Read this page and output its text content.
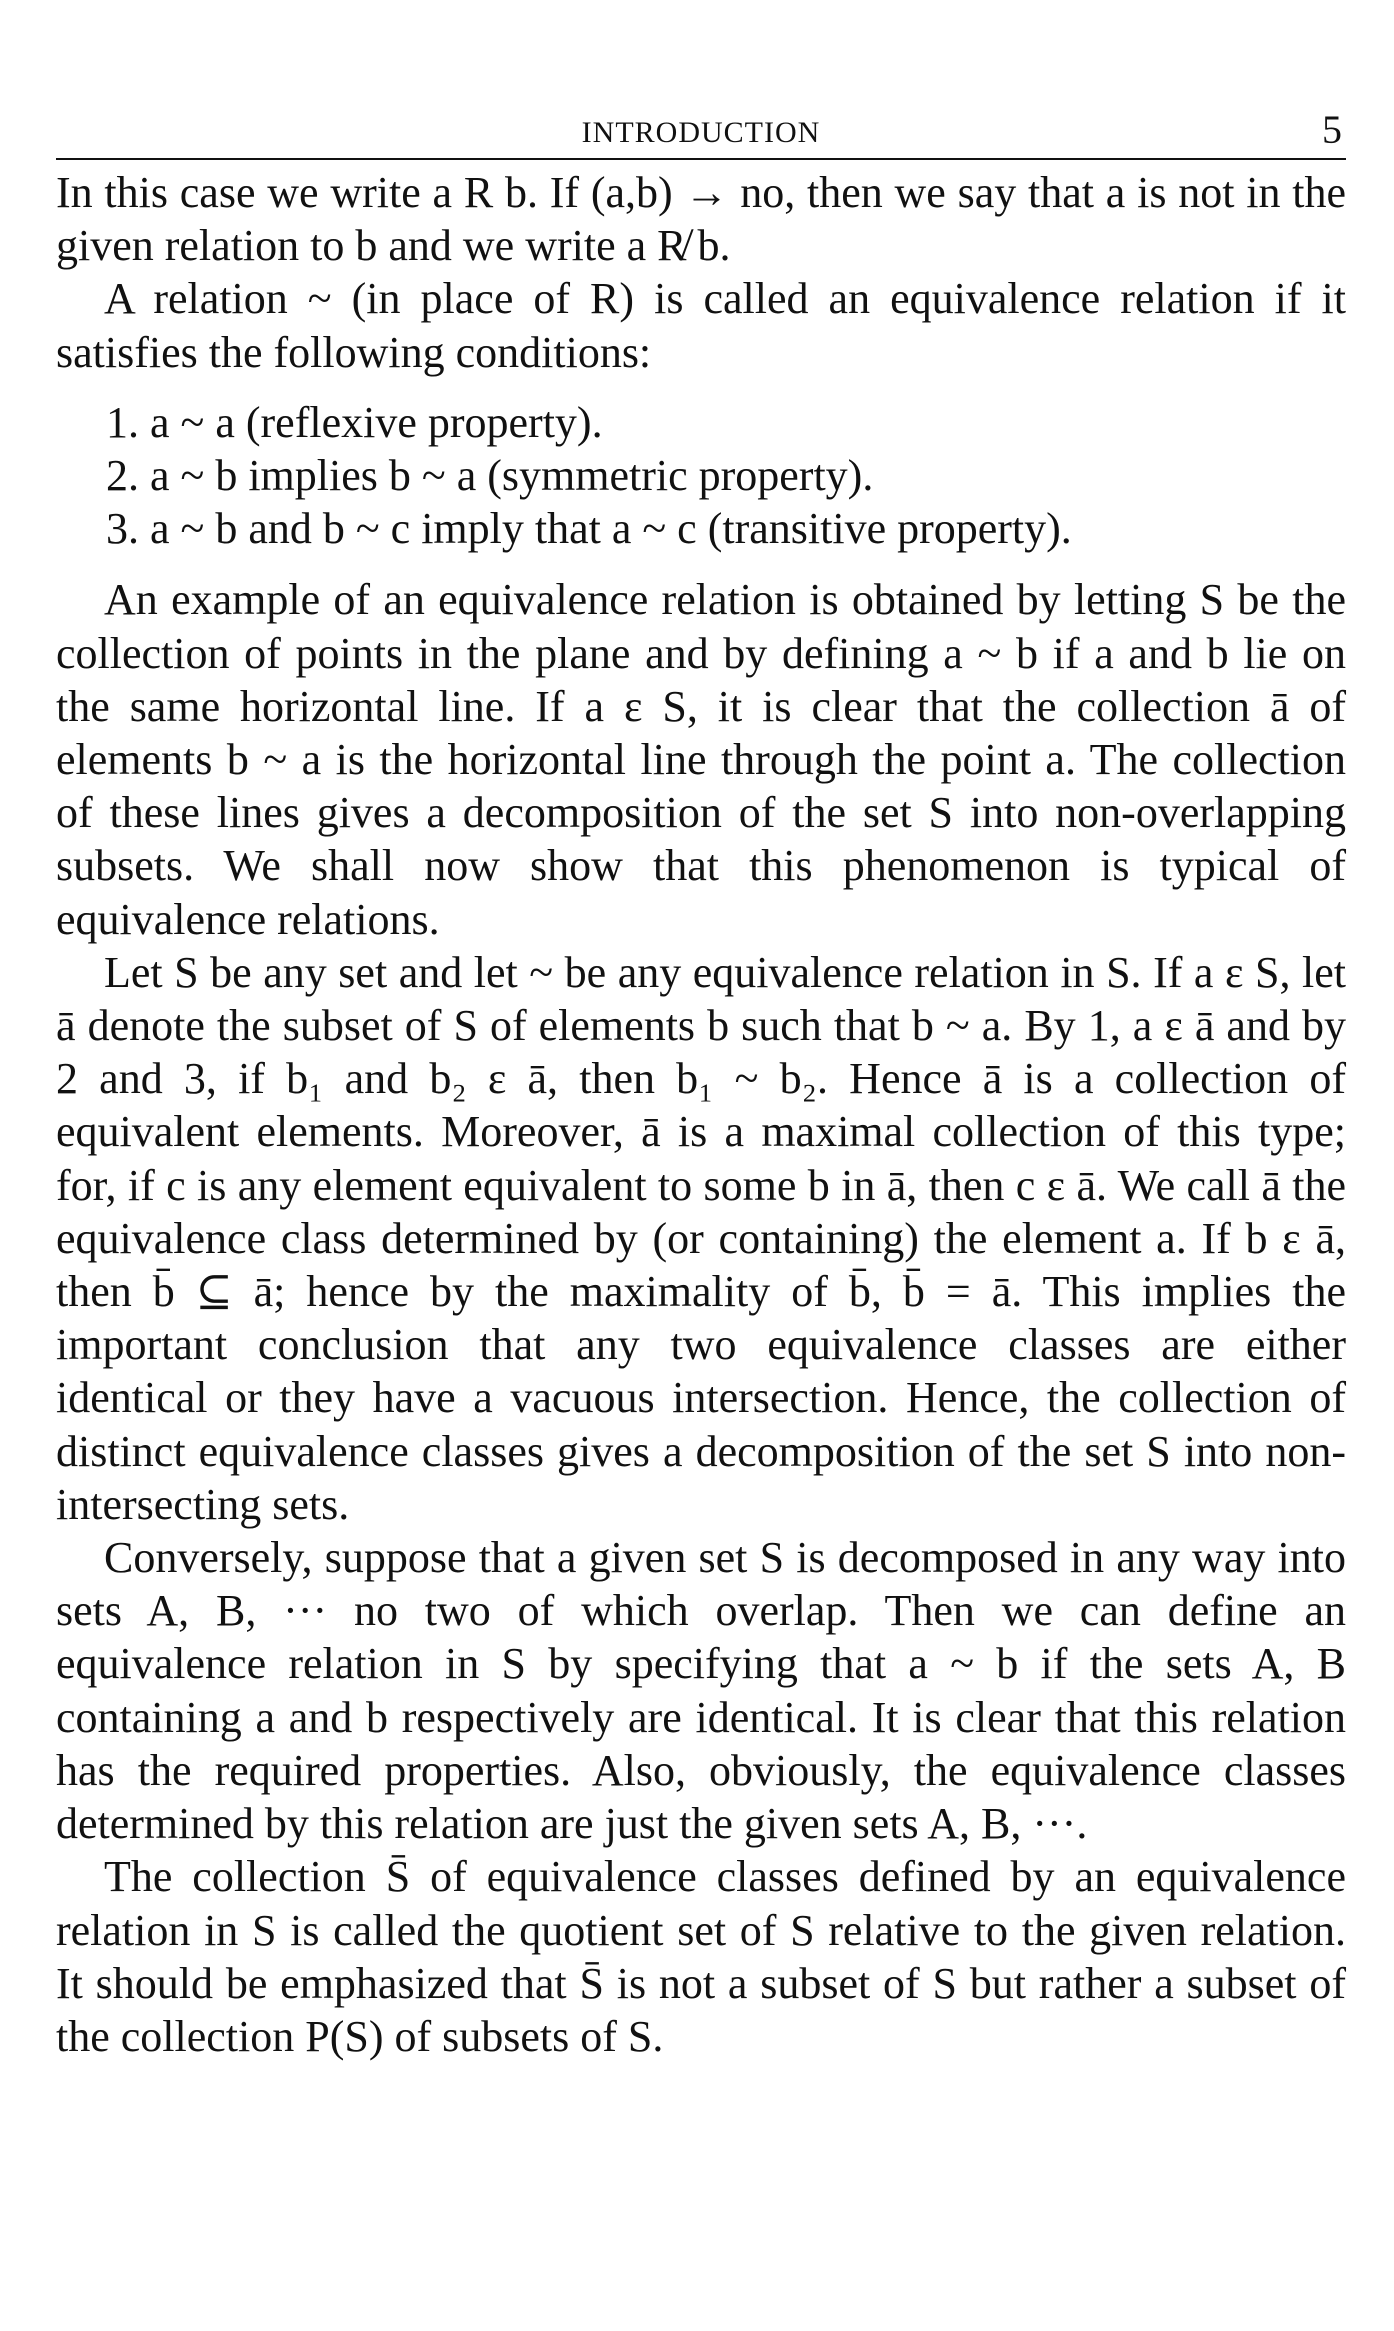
INTRODUCTION	5

In this case we write a R b. If (a,b) → no, then we say that a is not in the given relation to b and we write a R̸ b.

A relation ~ (in place of R) is called an equivalence relation if it satisfies the following conditions:

1. a ~ a (reflexive property).

2. a ~ b implies b ~ a (symmetric property).

3. a ~ b and b ~ c imply that a ~ c (transitive property).

An example of an equivalence relation is obtained by letting S be the collection of points in the plane and by defining a ~ b if a and b lie on the same horizontal line. If a ε S, it is clear that the collection ā of elements b ~ a is the horizontal line through the point a. The collection of these lines gives a decomposition of the set S into non-overlapping subsets. We shall now show that this phenomenon is typical of equivalence relations.

Let S be any set and let ~ be any equivalence relation in S. If a ε S, let ā denote the subset of S of elements b such that b ~ a. By 1, a ε ā and by 2 and 3, if b₁ and b₂ ε ā, then b₁ ~ b₂. Hence ā is a collection of equivalent elements. Moreover, ā is a maximal collection of this type; for, if c is any element equivalent to some b in ā, then c ε ā. We call ā the equivalence class determined by (or containing) the element a. If b ε ā, then b̄ ⊆ ā; hence by the maximality of b̄, b̄ = ā. This implies the important conclusion that any two equivalence classes are either identical or they have a vacuous intersection. Hence, the collection of distinct equivalence classes gives a decomposition of the set S into non-intersecting sets.

Conversely, suppose that a given set S is decomposed in any way into sets A, B, ··· no two of which overlap. Then we can define an equivalence relation in S by specifying that a ~ b if the sets A, B containing a and b respectively are identical. It is clear that this relation has the required properties. Also, obviously, the equivalence classes determined by this relation are just the given sets A, B, ···.

The collection S̄ of equivalence classes defined by an equivalence relation in S is called the quotient set of S relative to the given relation. It should be emphasized that S̄ is not a subset of S but rather a subset of the collection P(S) of subsets of S.
